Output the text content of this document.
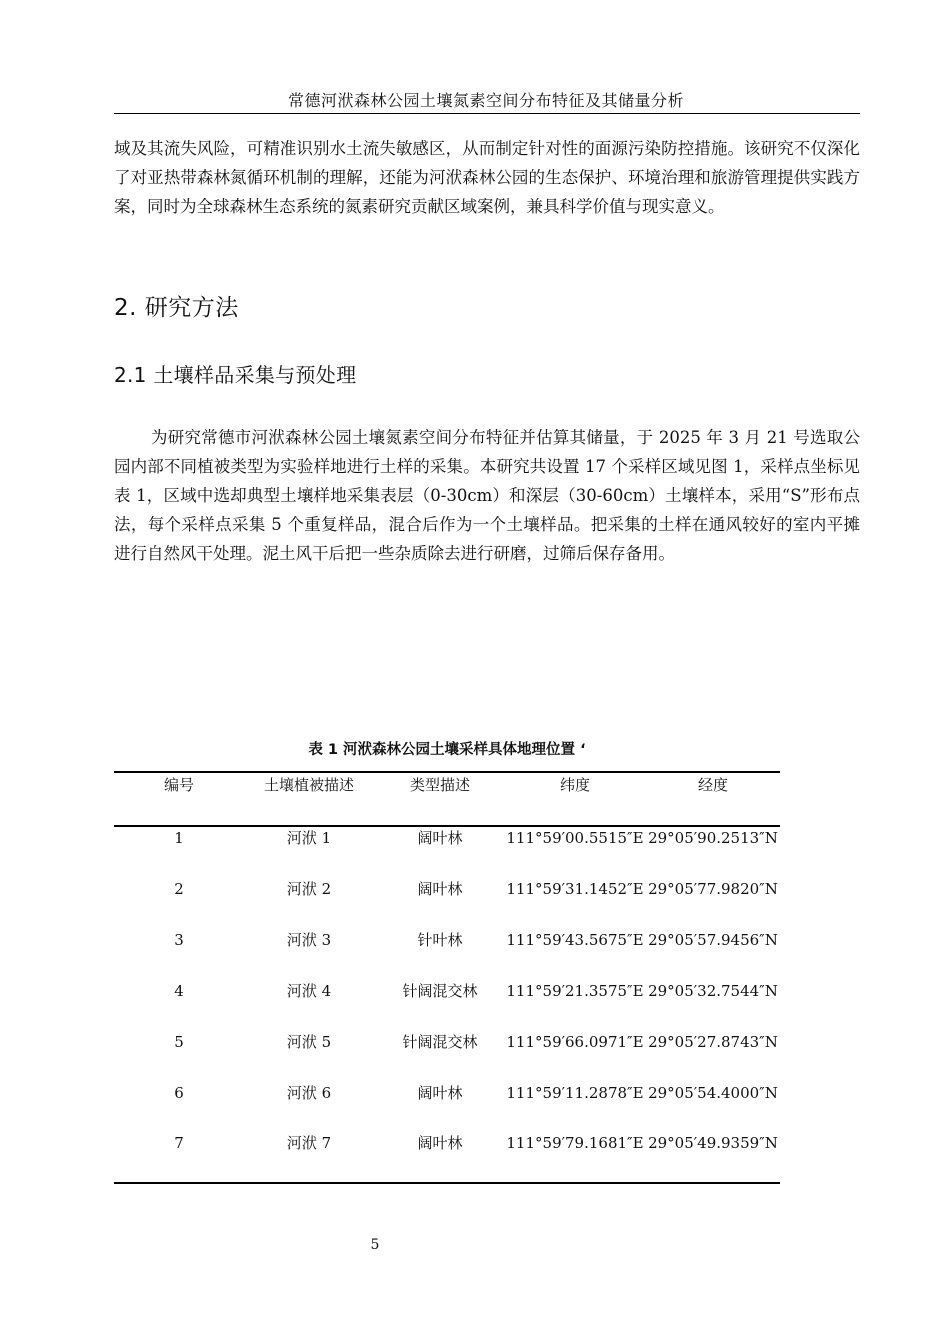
常德河洑森林公园土壤氮素空间分布特征及其储量分析

域及其流失风险，可精准识别水土流失敏感区，从而制定针对性的面源污染防控措施。该研究不仅深化了对亚热带森林氮循环机制的理解，还能为河洑森林公园的生态保护、环境治理和旅游管理提供实践方案，同时为全球森林生态系统的氮素研究贡献区域案例，兼具科学价值与现实意义。

2. 研究方法
2.1 土壤样品采集与预处理

为研究常德市河洑森林公园土壤氮素空间分布特征并估算其储量，于 2025 年 3 月 21 号选取公园内部不同植被类型为实验样地进行土样的采集。本研究共设置 17 个采样区域见图 1，采样点坐标见表 1，区域中选却典型土壤样地采集表层（0-30cm）和深层（30-60cm）土壤样本，采用“S”形布点法，每个采样点采集 5 个重复样品，混合后作为一个土壤样品。把采集的土样在通风较好的室内平摊进行自然风干处理。泥土风干后把一些杂质除去进行研磨，过筛后保存备用。

表 1 河洑森林公园土壤采样具体地理位置 ‘
编号	土壤植被描述	类型描述	纬度	经度
1	河洑 1	阔叶林	111°59′00.5515″E 29°05′90.2513″N
2	河洑 2	阔叶林	111°59′31.1452″E 29°05′77.9820″N
3	河洑 3	针叶林	111°59′43.5675″E 29°05′57.9456″N
4	河洑 4	针阔混交林	111°59′21.3575″E 29°05′32.7544″N
5	河洑 5	针阔混交林	111°59′66.0971″E 29°05′27.8743″N
6	河洑 6	阔叶林	111°59′11.2878″E 29°05′54.4000″N
7	河洑 7	阔叶林	111°59′79.1681″E 29°05′49.9359″N
5
